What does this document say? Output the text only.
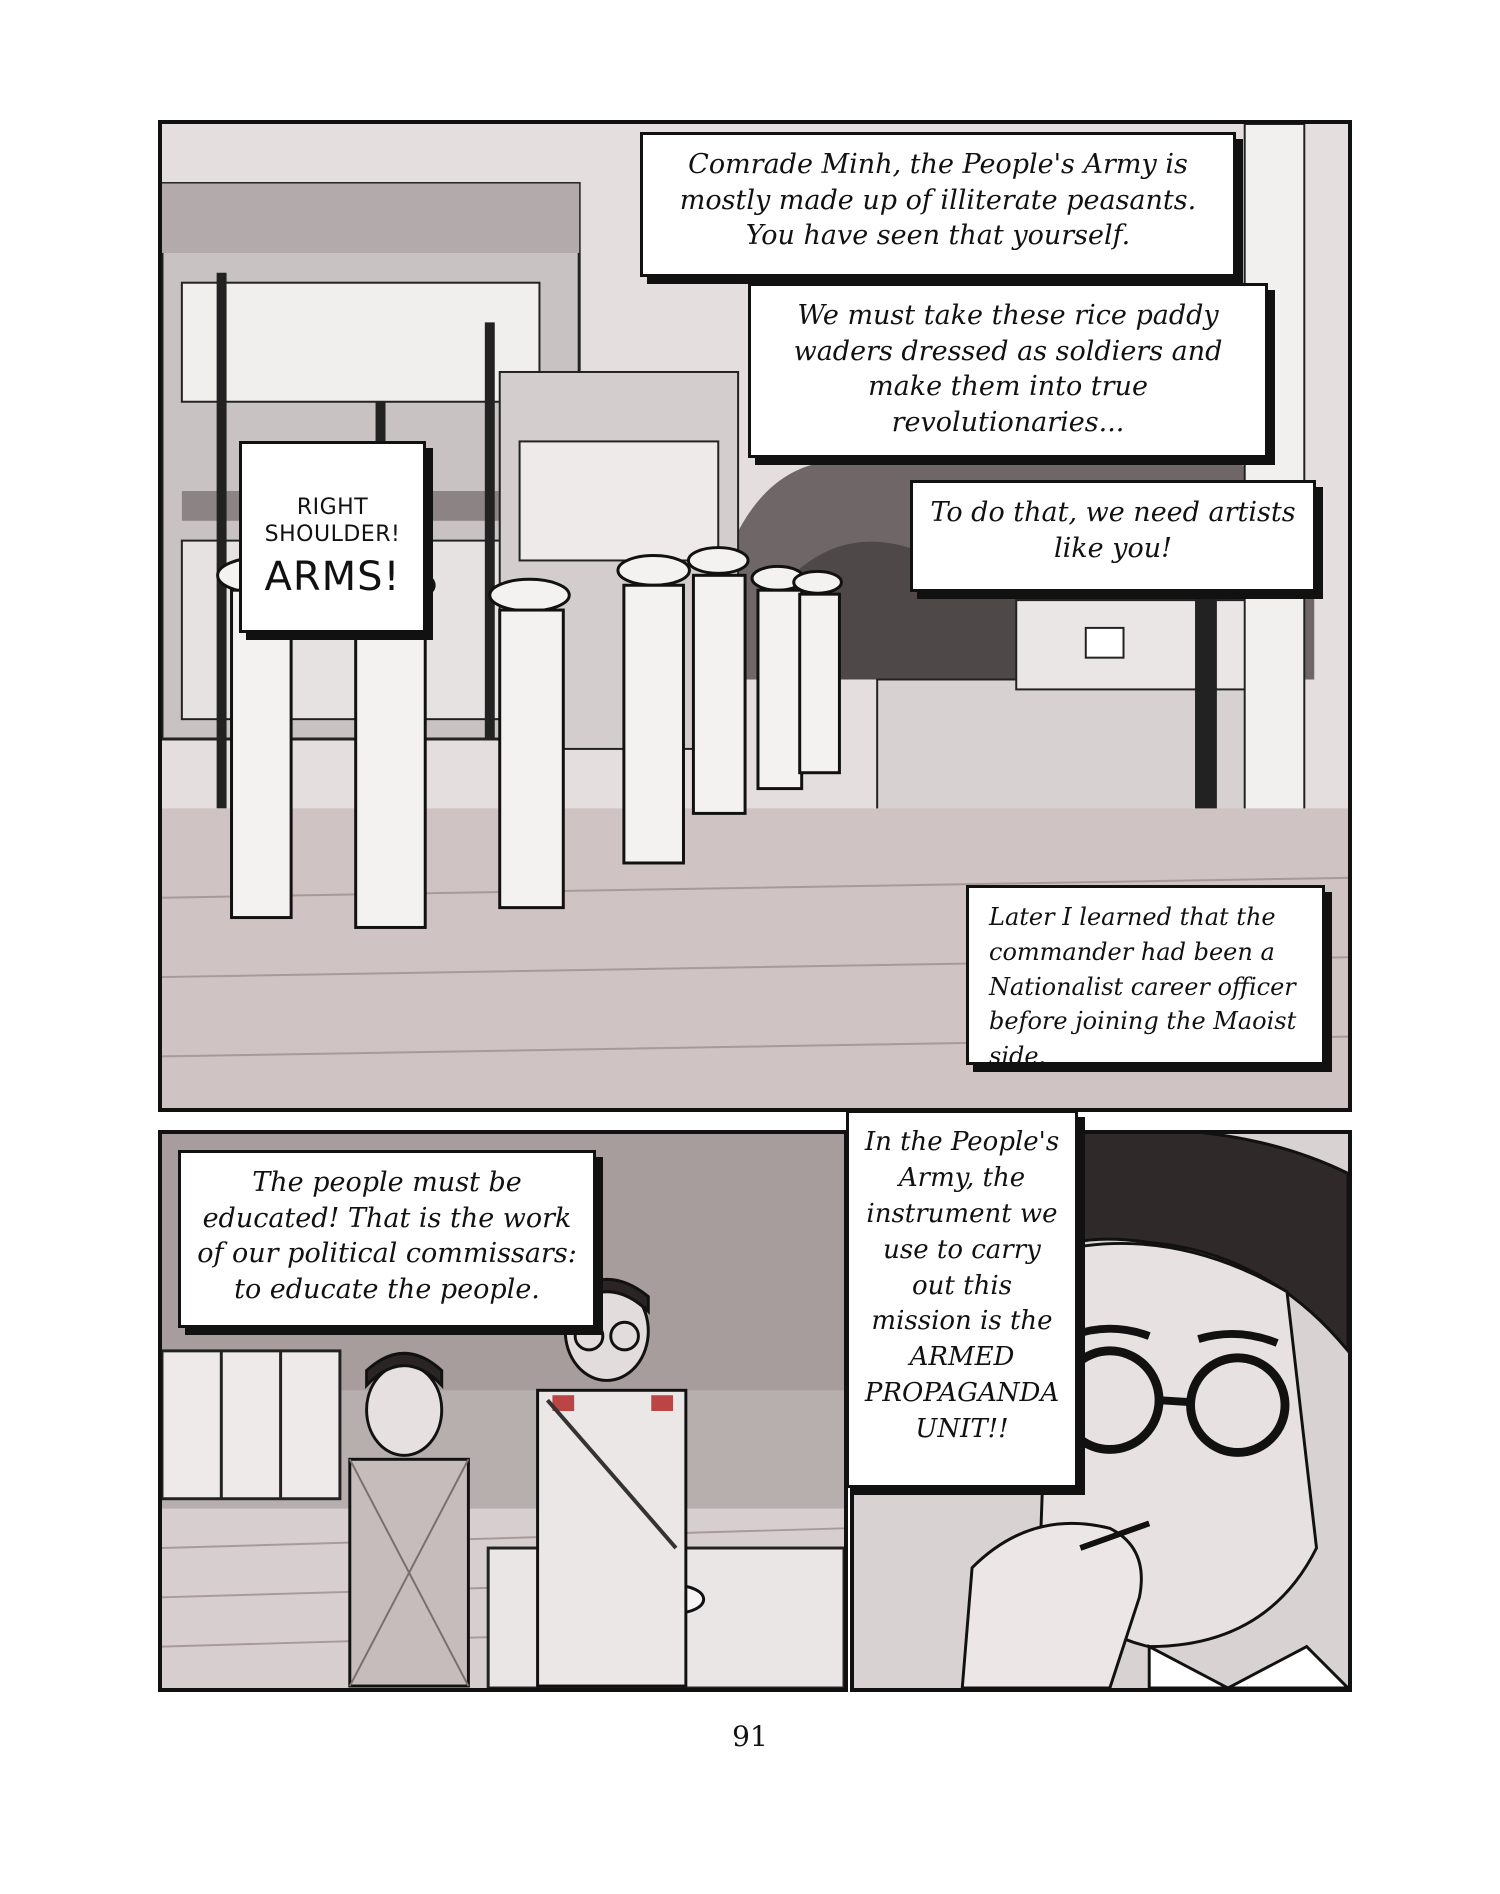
Comrade Minh, the People's Army is mostly made up of illiterate peasants. You have seen that yourself.
We must take these rice paddy waders dressed as soldiers and make them into true revolutionaries...
To do that, we need artists like you!

RIGHT
SHOULDER!

ARMS!

Later I learned that the commander had been a Nationalist career officer before joining the Maoist side.
The people must be educated! That is the work of our political commissars: to educate the people.
In the People's Army, the instrument we use to carry out this mission is the ARMED PROPAGANDA UNIT!!
91
